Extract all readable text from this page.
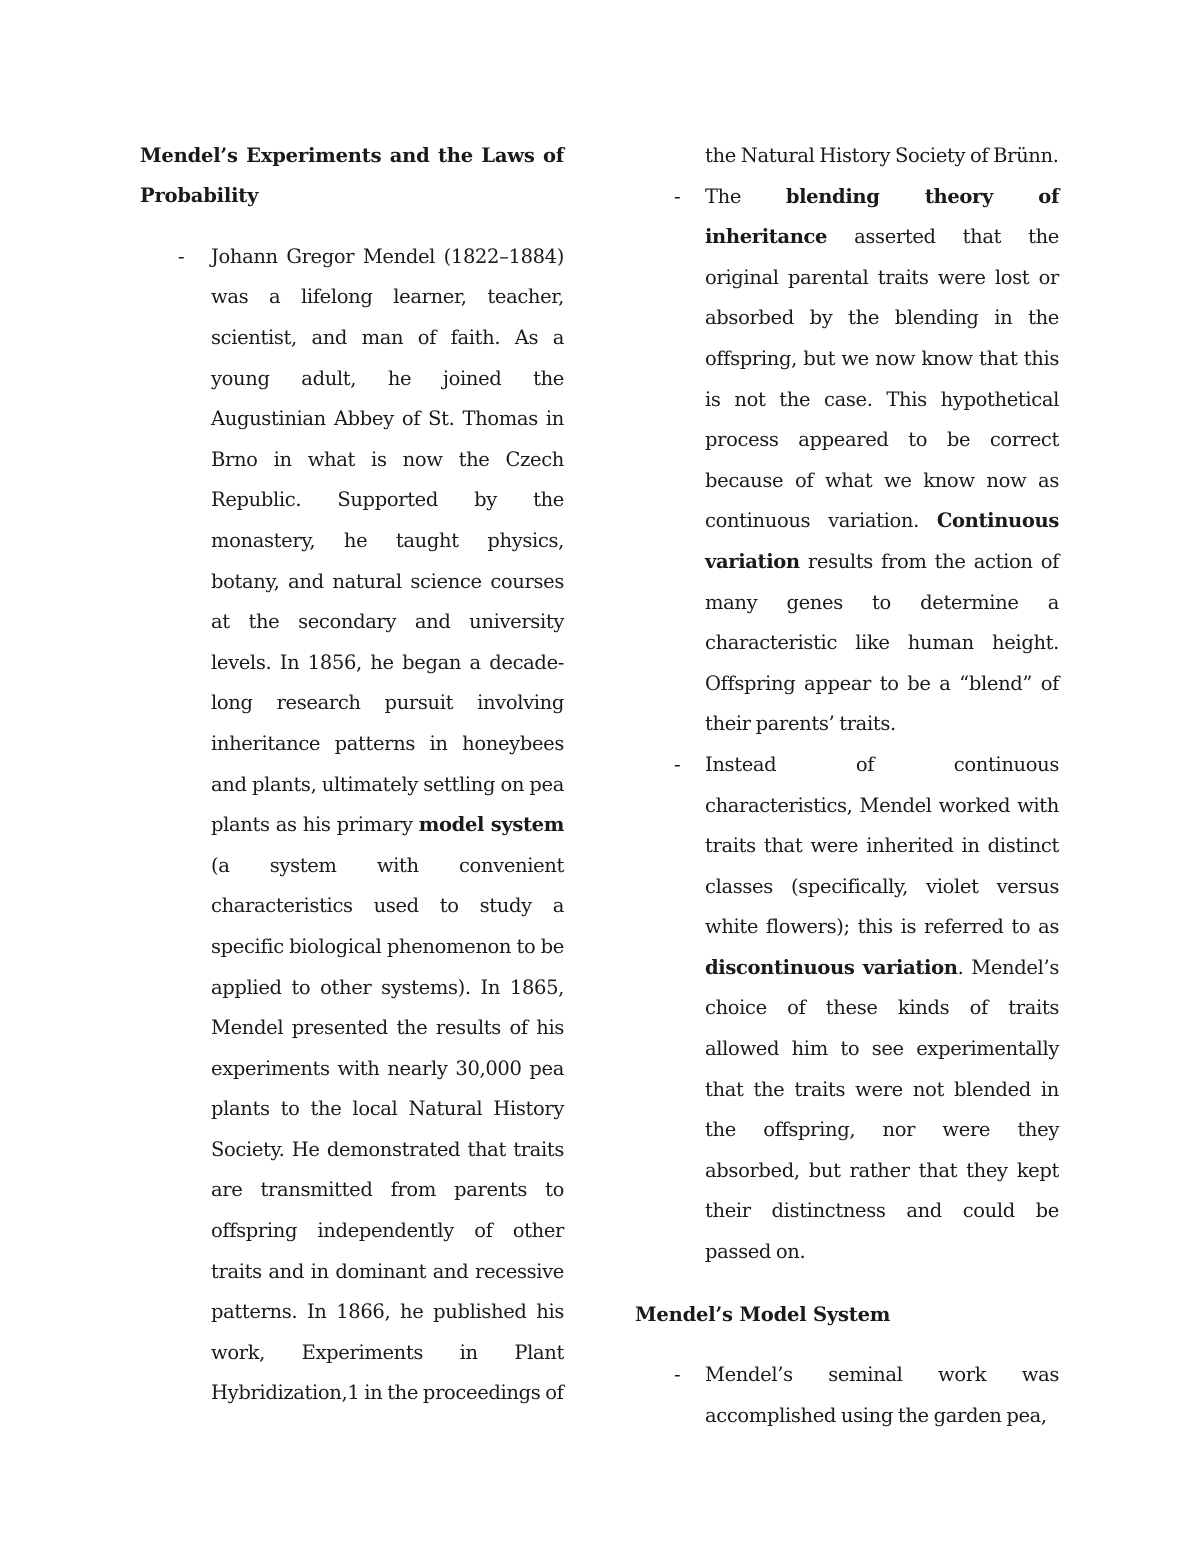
Mendel’s Experiments and the Laws of Probability

- Johann Gregor Mendel (1822–1884) was a lifelong learner, teacher, scientist, and man of faith. As a young adult, he joined the Augustinian Abbey of St. Thomas in Brno in what is now the Czech Republic. Supported by the monastery, he taught physics, botany, and natural science courses at the secondary and university levels. In 1856, he began a decade-long research pursuit involving inheritance patterns in honeybees and plants, ultimately settling on pea plants as his primary model system (a system with convenient characteristics used to study a specific biological phenomenon to be applied to other systems). In 1865, Mendel presented the results of his experiments with nearly 30,000 pea plants to the local Natural History Society. He demonstrated that traits are transmitted from parents to offspring independently of other traits and in dominant and recessive patterns. In 1866, he published his work, Experiments in Plant Hybridization,1 in the proceedings of

the Natural History Society of Brünn.

- The blending theory of inheritance asserted that the original parental traits were lost or absorbed by the blending in the offspring, but we now know that this is not the case. This hypothetical process appeared to be correct because of what we know now as continuous variation. Continuous variation results from the action of many genes to determine a characteristic like human height. Offspring appear to be a “blend” of their parents’ traits.

- Instead of continuous characteristics, Mendel worked with traits that were inherited in distinct classes (specifically, violet versus white flowers); this is referred to as discontinuous variation. Mendel’s choice of these kinds of traits allowed him to see experimentally that the traits were not blended in the offspring, nor were they absorbed, but rather that they kept their distinctness and could be passed on.

Mendel’s Model System

- Mendel’s seminal work was accomplished using the garden pea,
